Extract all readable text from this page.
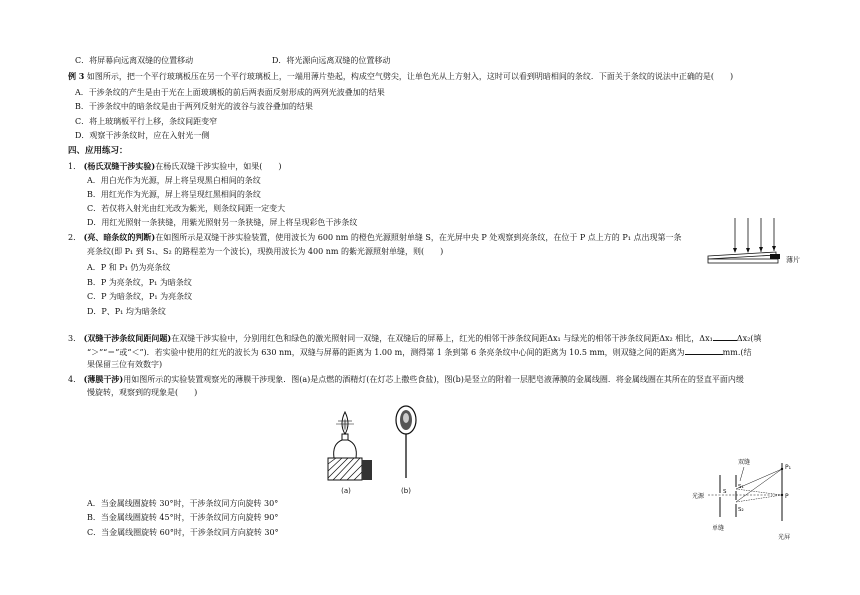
C．将屏幕向远离双缝的位置移动	D．将光源向远离双缝的位置移动
例 3 如图所示，把一个平行玻璃板压在另一个平行玻璃板上，一端用薄片垫起，构成空气劈尖，让单色光从上方射入，这时可以看到明暗相间的条纹．下面关于条纹的说法中正确的是(　　)
A．干涉条纹的产生是由于光在上面玻璃板的前后两表面反射形成的两列光波叠加的结果
B．干涉条纹中的暗条纹是由于两列反射光的波谷与波谷叠加的结果
C．将上玻璃板平行上移，条纹间距变窄
D．观察干涉条纹时，应在入射光一侧
四、应用练习：
1． (杨氏双缝干涉实验)在杨氏双缝干涉实验中，如果(　　)
A．用白光作为光源，屏上将呈现黑白相间的条纹
B．用红光作为光源，屏上将呈现红黑相间的条纹
C．若仅将入射光由红光改为紫光，则条纹间距一定变大
D．用红光照射一条狭缝，用紫光照射另一条狭缝，屏上将呈现彩色干涉条纹
2． (亮、暗条纹的判断)在如图所示是双缝干涉实验装置，使用波长为 600 nm 的橙色光源照射单缝 S，在光屏中央 P 处观察到亮条纹，在位于 P 点上方的 P₁ 点出现第一条
亮条纹(即 P₁ 到 S₁、S₂ 的路程差为一个波长)，现换用波长为 400 nm 的紫光源照射单缝，则(　　)
A．P 和 P₁ 仍为亮条纹
B．P 为亮条纹，P₁ 为暗条纹
C．P 为暗条纹，P₁ 为亮条纹
D．P、P₁ 均为暗条纹
3． (双缝干涉条纹间距问题)在双缝干涉实验中，分别用红色和绿色的激光照射同一双缝，在双缝后的屏幕上，红光的相邻干涉条纹间距Δx₁ 与绿光的相邻干涉条纹间距Δx₂ 相比，Δx₁	Δx₂(填
“＞”“＝”或“＜”)．若实验中使用的红光的波长为 630 nm，双缝与屏幕的距离为 1.00 m，测得第 1 条到第 6 条亮条纹中心间的距离为 10.5 mm，则双缝之间的距离为	mm.(结
果保留三位有效数字)
4． (薄膜干涉)用如图所示的实验装置观察光的薄膜干涉现象．图(a)是点燃的酒精灯(在灯芯上撒些食盐)，图(b)是竖立的附着一层肥皂液薄膜的金属线圈．将金属线圈在其所在的竖直平面内缓
慢旋转，观察到的现象是(　　)
(a)	(b)
A．当金属线圈旋转 30°时，干涉条纹同方向旋转 30°
B．当金属线圈旋转 45°时，干涉条纹同方向旋转 90°
C．当金属线圈旋转 60°时，干涉条纹同方向旋转 30°
薄片
双缝
光源
S
S₁
S₂
P₁
P
单缝
光屏
